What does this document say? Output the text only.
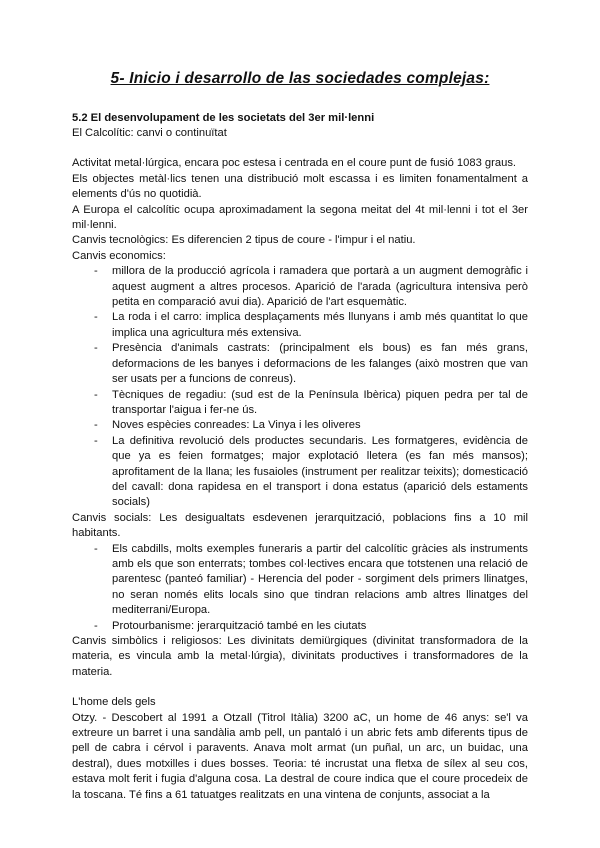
5- Inicio i desarrollo de las sociedades complejas:

5.2 El desenvolupament de les societats del 3er mil·lenni

El Calcolític: canvi o continuïtat

Activitat metal·lúrgica, encara poc estesa i centrada en el coure punt de fusió 1083 graus.

Els objectes metàl·lics tenen una distribució molt escassa i es limiten fonamentalment a elements d'ús no quotidià.

A Europa el calcolític ocupa aproximadament la segona meitat del 4t mil·lenni i tot el 3er mil·lenni.

Canvis tecnològics: Es diferencien 2 tipus de coure - l'impur i el natiu.

Canvis economics:

- millora de la producció agrícola i ramadera que portarà a un augment demogràfic i aquest augment a altres procesos. Aparició de l'arada (agricultura intensiva però petita en comparació avui dia). Aparició de l'art esquemàtic.
- La roda i el carro: implica desplaçaments més llunyans i amb més quantitat lo que implica una agricultura més extensiva.
- Presència d'animals castrats: (principalment els bous) es fan més grans, deformacions de les banyes i deformacions de les falanges (això mostren que van ser usats per a funcions de conreus).
- Tècniques de regadiu: (sud est de la Península Ibèrica) piquen pedra per tal de transportar l'aigua i fer-ne ús.
- Noves espècies conreades: La Vinya i les oliveres
- La definitiva revolució dels productes secundaris. Les formatgeres, evidència de que ya es feien formatges; major explotació lletera (es fan més mansos); aprofitament de la llana; les fusaioles (instrument per realitzar teixits); domesticació del cavall: dona rapidesa en el transport i dona estatus (aparició dels estaments socials)

Canvis socials: Les desigualtats esdevenen jerarquització, poblacions fins a 10 mil habitants.

- Els cabdills, molts exemples funeraris a partir del calcolític gràcies als instruments amb els que son enterrats; tombes col·lectives encara que totstenen una relació de parentesc (panteó familiar) - Herencia del poder - sorgiment dels primers llinatges, no seran només elits locals sino que tindran relacions amb altres llinatges del mediterrani/Europa.
- Protourbanisme: jerarquització també en les ciutats

Canvis simbòlics i religiosos: Les divinitats demiürgiques (divinitat transformadora de la materia, es vincula amb la metal·lúrgia), divinitats productives i transformadores de la materia.

L'home dels gels

Otzy. - Descobert al 1991 a Otzall (Titrol Itàlia) 3200 aC, un home de 46 anys: se'l va extreure un barret i una sandàlia amb pell, un pantaló i un abric fets amb diferents tipus de pell de cabra i cérvol i paravents. Anava molt armat (un puñal, un arc, un buidac, una destral), dues motxilles i dues bosses. Teoria: té incrustat una fletxa de sílex al seu cos, estava molt ferit i fugia d'alguna cosa. La destral de coure indica que el coure procedeix de la toscana. Té fins a 61 tatuatges realitzats en una vintena de conjunts, associat a la
